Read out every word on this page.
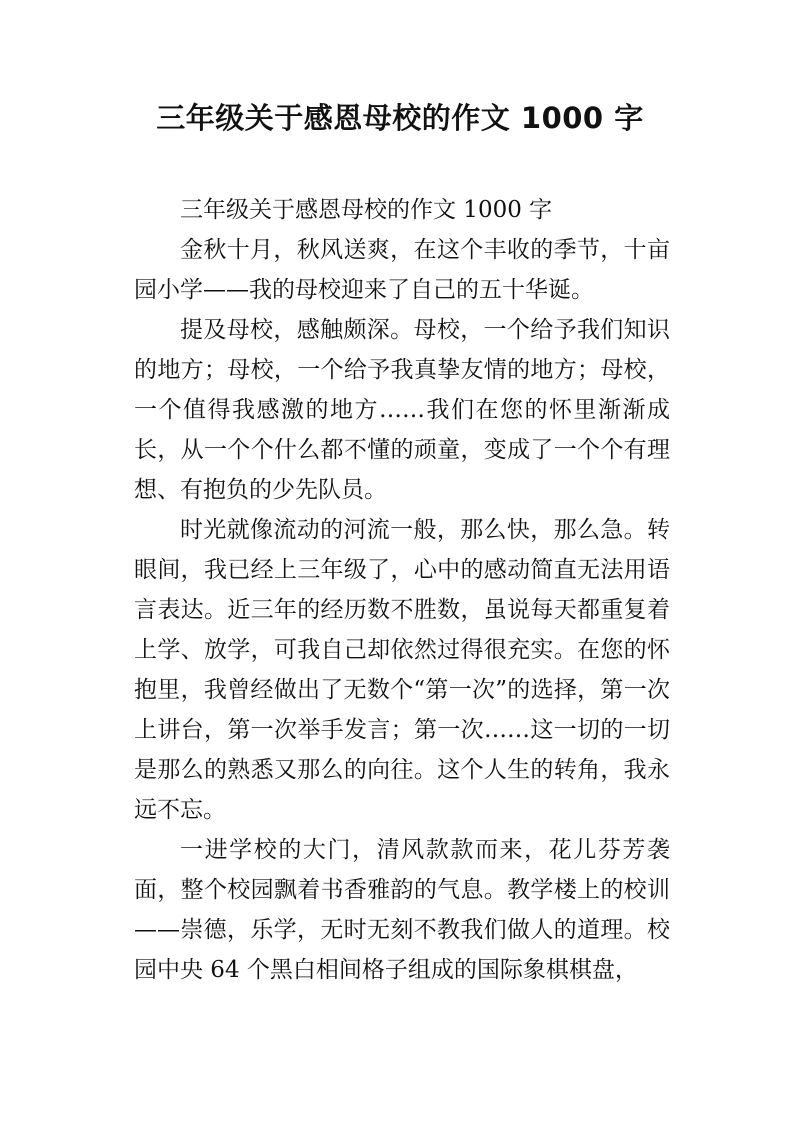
三年级关于感恩母校的作文 1000 字

三年级关于感恩母校的作文 1000 字

金秋十月，秋风送爽，在这个丰收的季节，十亩园小学——我的母校迎来了自己的五十华诞。

提及母校，感触颇深。母校，一个给予我们知识的地方；母校，一个给予我真挚友情的地方；母校，一个值得我感激的地方……我们在您的怀里渐渐成长，从一个个什么都不懂的顽童，变成了一个个有理想、有抱负的少先队员。

时光就像流动的河流一般，那么快，那么急。转眼间，我已经上三年级了，心中的感动简直无法用语言表达。近三年的经历数不胜数，虽说每天都重复着上学、放学，可我自己却依然过得很充实。在您的怀抱里，我曾经做出了无数个“第一次”的选择，第一次上讲台，第一次举手发言；第一次……这一切的一切是那么的熟悉又那么的向往。这个人生的转角，我永远不忘。

一进学校的大门，清风款款而来，花儿芬芳袭面，整个校园飘着书香雅韵的气息。教学楼上的校训——崇德，乐学，无时无刻不教我们做人的道理。校园中央 64 个黑白相间格子组成的国际象棋棋盘，
